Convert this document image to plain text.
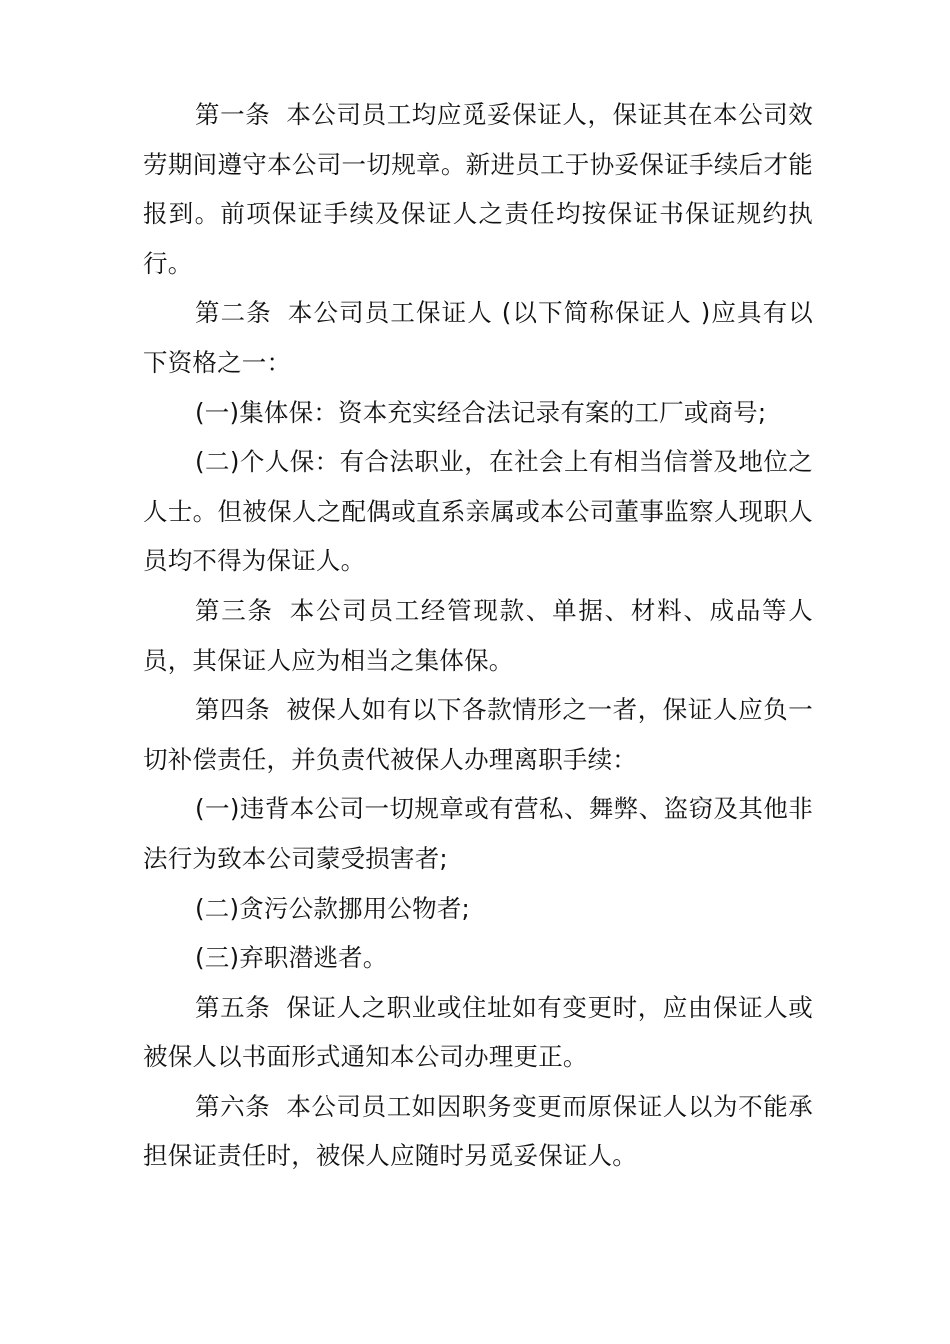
第一条 本公司员工均应觅妥保证人，保证其在本公司效劳期间遵守本公司一切规章。新进员工于协妥保证手续后才能报到。前项保证手续及保证人之责任均按保证书保证规约执行。

第二条 本公司员工保证人 (以下简称保证人 )应具有以下资格之一：

(一)集体保：资本充实经合法记录有案的工厂或商号;

(二)个人保：有合法职业，在社会上有相当信誉及地位之人士。但被保人之配偶或直系亲属或本公司董事监察人现职人员均不得为保证人。

第三条 本公司员工经管现款、单据、材料、成品等人员，其保证人应为相当之集体保。

第四条 被保人如有以下各款情形之一者，保证人应负一切补偿责任，并负责代被保人办理离职手续：

(一)违背本公司一切规章或有营私、舞弊、盗窃及其他非法行为致本公司蒙受损害者;

(二)贪污公款挪用公物者;

(三)弃职潜逃者。

第五条 保证人之职业或住址如有变更时，应由保证人或被保人以书面形式通知本公司办理更正。

第六条 本公司员工如因职务变更而原保证人以为不能承担保证责任时，被保人应随时另觅妥保证人。
